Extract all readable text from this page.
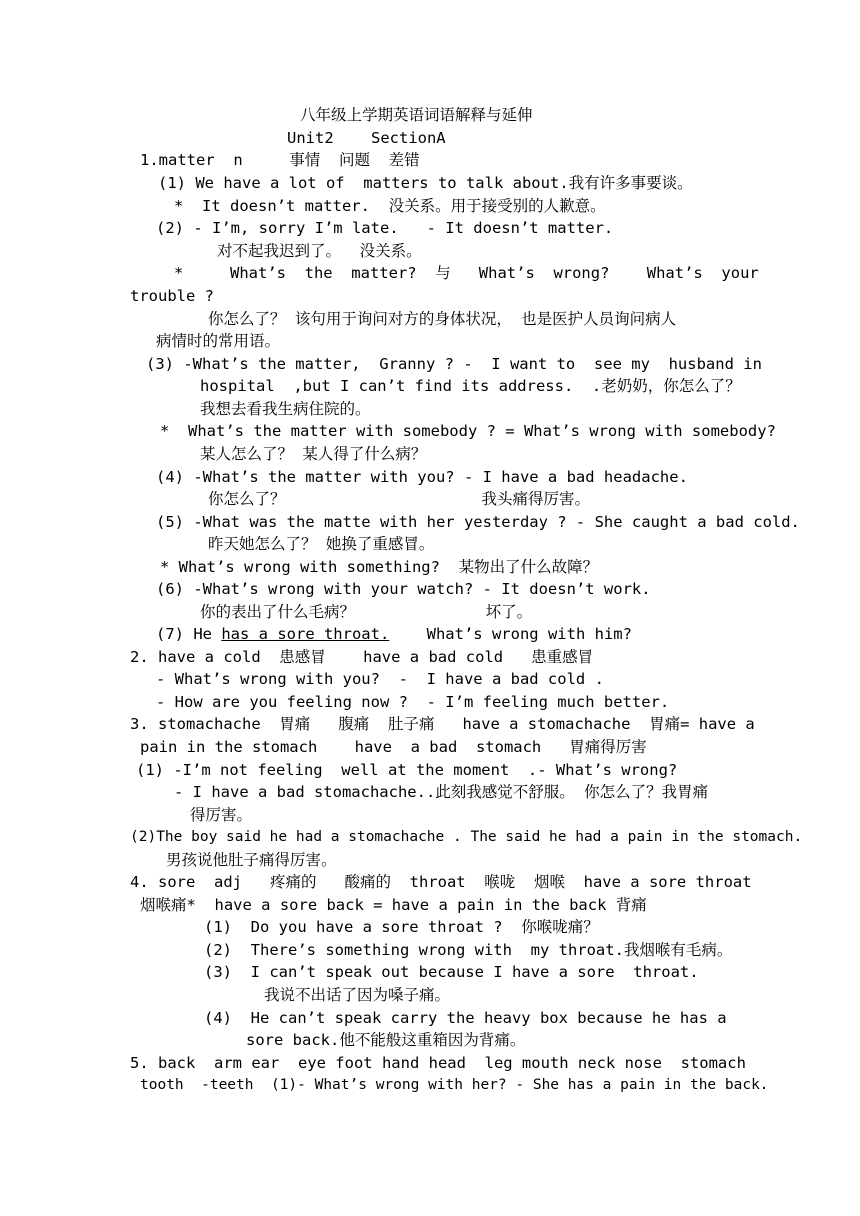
八年级上学期英语词语解释与延伸
Unit2    SectionA
1.matter  n     事情  问题  差错
(1) We have a lot of  matters to talk about.我有许多事要谈。
*  It doesn’t matter.  没关系。用于接受别的人歉意。
(2) - I’m, sorry I’m late.   - It doesn’t matter.
对不起我迟到了。  没关系。
*     What’s  the  matter?  与   What’s  wrong?    What’s  your
trouble ?
你怎么了？ 该句用于询问对方的身体状况， 也是医护人员询问病人
病情时的常用语。
(3) -What’s the matter,  Granny ? -  I want to  see my  husband in
hospital  ,but I can’t find its address.  .老奶奶，你怎么了？
我想去看我生病住院的。
*  What’s the matter with somebody ? = What’s wrong with somebody?
某人怎么了？ 某人得了什么病？
(4) -What’s the matter with you? - I have a bad headache.
你怎么了？                     我头痛得厉害。
(5) -What was the matte with her yesterday ? - She caught a bad cold.
昨天她怎么了？ 她换了重感冒。
* What’s wrong with something?  某物出了什么故障？
(6) -What’s wrong with your watch? - It doesn’t work.
你的表出了什么毛病？              坏了。
(7) He has a sore throat.    What’s wrong with him?
2. have a cold  患感冒    have a bad cold   患重感冒
- What’s wrong with you?  -  I have a bad cold .
- How are you feeling now ?  - I’m feeling much better.
3. stomachache  胃痛   腹痛  肚子痛   have a stomachache  胃痛= have a
pain in the stomach    have  a bad  stomach   胃痛得厉害
(1) -I’m not feeling  well at the moment  .- What’s wrong?
- I have a bad stomachache..此刻我感觉不舒服。 你怎么了？我胃痛
得厉害。
(2)The boy said he had a stomachache . The said he had a pain in the stomach.
男孩说他肚子痛得厉害。
4. sore  adj   疼痛的   酸痛的  throat  喉咙  烟喉  have a sore throat
烟喉痛*  have a sore back = have a pain in the back 背痛
(1)  Do you have a sore throat ?  你喉咙痛？
(2)  There’s something wrong with  my throat.我烟喉有毛病。
(3)  I can’t speak out because I have a sore  throat.
我说不出话了因为嗓子痛。
(4)  He can’t speak carry the heavy box because he has a
sore back.他不能般这重箱因为背痛。
5. back  arm ear  eye foot hand head  leg mouth neck nose  stomach
tooth  -teeth  (1)- What’s wrong with her? - She has a pain in the back.
